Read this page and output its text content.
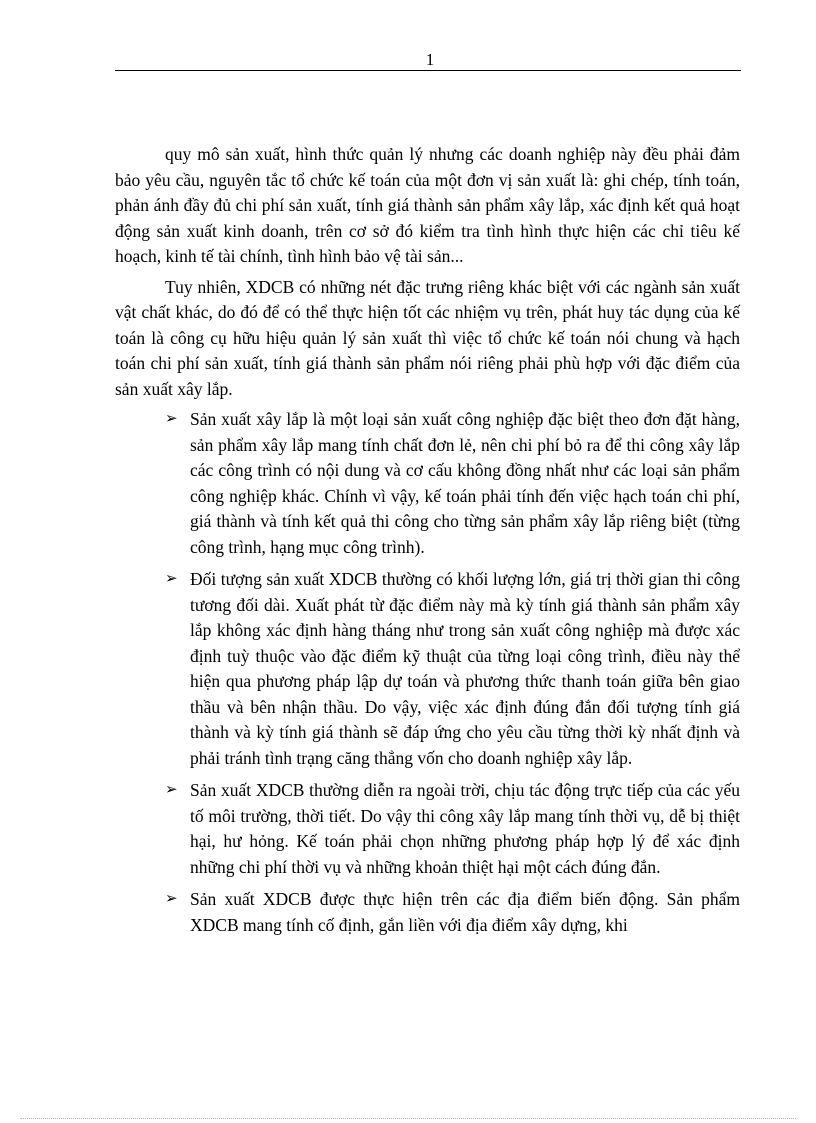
1

quy mô sản xuất, hình thức quản lý nhưng các doanh nghiệp này đều phải đảm bảo yêu cầu, nguyên tắc tổ chức kế toán của một đơn vị sản xuất là: ghi chép, tính toán, phản ánh đầy đủ chi phí sản xuất, tính giá thành sản phẩm xây lắp, xác định kết quả hoạt động sản xuất kinh doanh, trên cơ sở đó kiểm tra tình hình thực hiện các chỉ tiêu kế hoạch, kinh tế tài chính, tình hình bảo vệ tài sản...

Tuy nhiên, XDCB có những nét đặc trưng riêng khác biệt với các ngành sản xuất vật chất khác, do đó để có thể thực hiện tốt các nhiệm vụ trên, phát huy tác dụng của kế toán là công cụ hữu hiệu quản lý sản xuất thì việc tổ chức kế toán nói chung và hạch toán chi phí sản xuất, tính giá thành sản phẩm nói riêng phải phù hợp với đặc điểm của sản xuất xây lắp.

➢ Sản xuất xây lắp là một loại sản xuất công nghiệp đặc biệt theo đơn đặt hàng, sản phẩm xây lắp mang tính chất đơn lẻ, nên chi phí bỏ ra để thi công xây lắp các công trình có nội dung và cơ cấu không đồng nhất như các loại sản phẩm công nghiệp khác. Chính vì vậy, kế toán phải tính đến việc hạch toán chi phí, giá thành và tính kết quả thi công cho từng sản phẩm xây lắp riêng biệt (từng công trình, hạng mục công trình).
➢ Đối tượng sản xuất XDCB thường có khối lượng lớn, giá trị thời gian thi công tương đối dài. Xuất phát từ đặc điểm này mà kỳ tính giá thành sản phẩm xây lắp không xác định hàng tháng như trong sản xuất công nghiệp mà được xác định tuỳ thuộc vào đặc điểm kỹ thuật của từng loại công trình, điều này thể hiện qua phương pháp lập dự toán và phương thức thanh toán giữa bên giao thầu và bên nhận thầu. Do vậy, việc xác định đúng đắn đối tượng tính giá thành và kỳ tính giá thành sẽ đáp ứng cho yêu cầu từng thời kỳ nhất định và phải tránh tình trạng căng thẳng vốn cho doanh nghiệp xây lắp.
➢ Sản xuất XDCB thường diễn ra ngoài trời, chịu tác động trực tiếp của các yếu tố môi trường, thời tiết. Do vậy thi công xây lắp mang tính thời vụ, dễ bị thiệt hại, hư hỏng. Kế toán phải chọn những phương pháp hợp lý để xác định những chi phí thời vụ và những khoản thiệt hại một cách đúng đắn.
➢ Sản xuất XDCB được thực hiện trên các địa điểm biến động. Sản phẩm XDCB mang tính cố định, gắn liền với địa điểm xây dựng, khi
